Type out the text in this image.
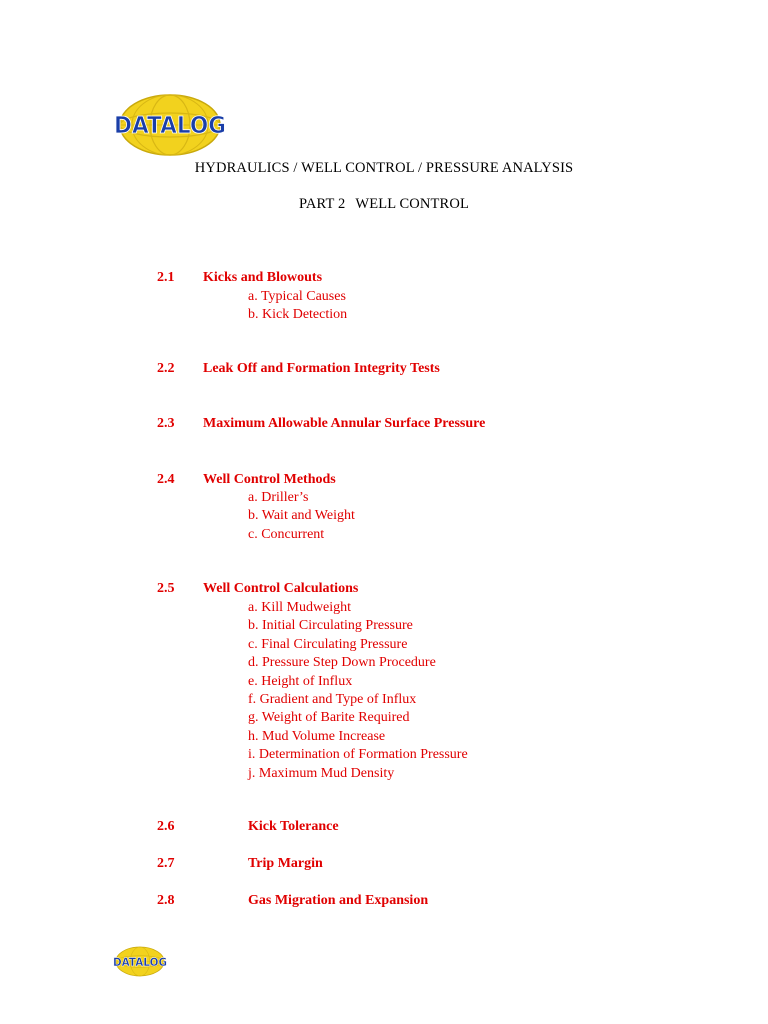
DATALOG
HYDRAULICS / WELL CONTROL / PRESSURE ANALYSIS
PART 2 WELL CONTROL
2.1 Kicks and Blowouts
a. Typical Causes
b. Kick Detection
2.2 Leak Off and Formation Integrity Tests
2.3 Maximum Allowable Annular Surface Pressure
2.4 Well Control Methods
a. Driller’s
b. Wait and Weight
c. Concurrent
2.5 Well Control Calculations
a. Kill Mudweight
b. Initial Circulating Pressure
c. Final Circulating Pressure
d. Pressure Step Down Procedure
e. Height of Influx
f. Gradient and Type of Influx
g. Weight of Barite Required
h. Mud Volume Increase
i. Determination of Formation Pressure
j. Maximum Mud Density
2.6	Kick Tolerance
2.7	Trip Margin
2.8	Gas Migration and Expansion
DATALOG
